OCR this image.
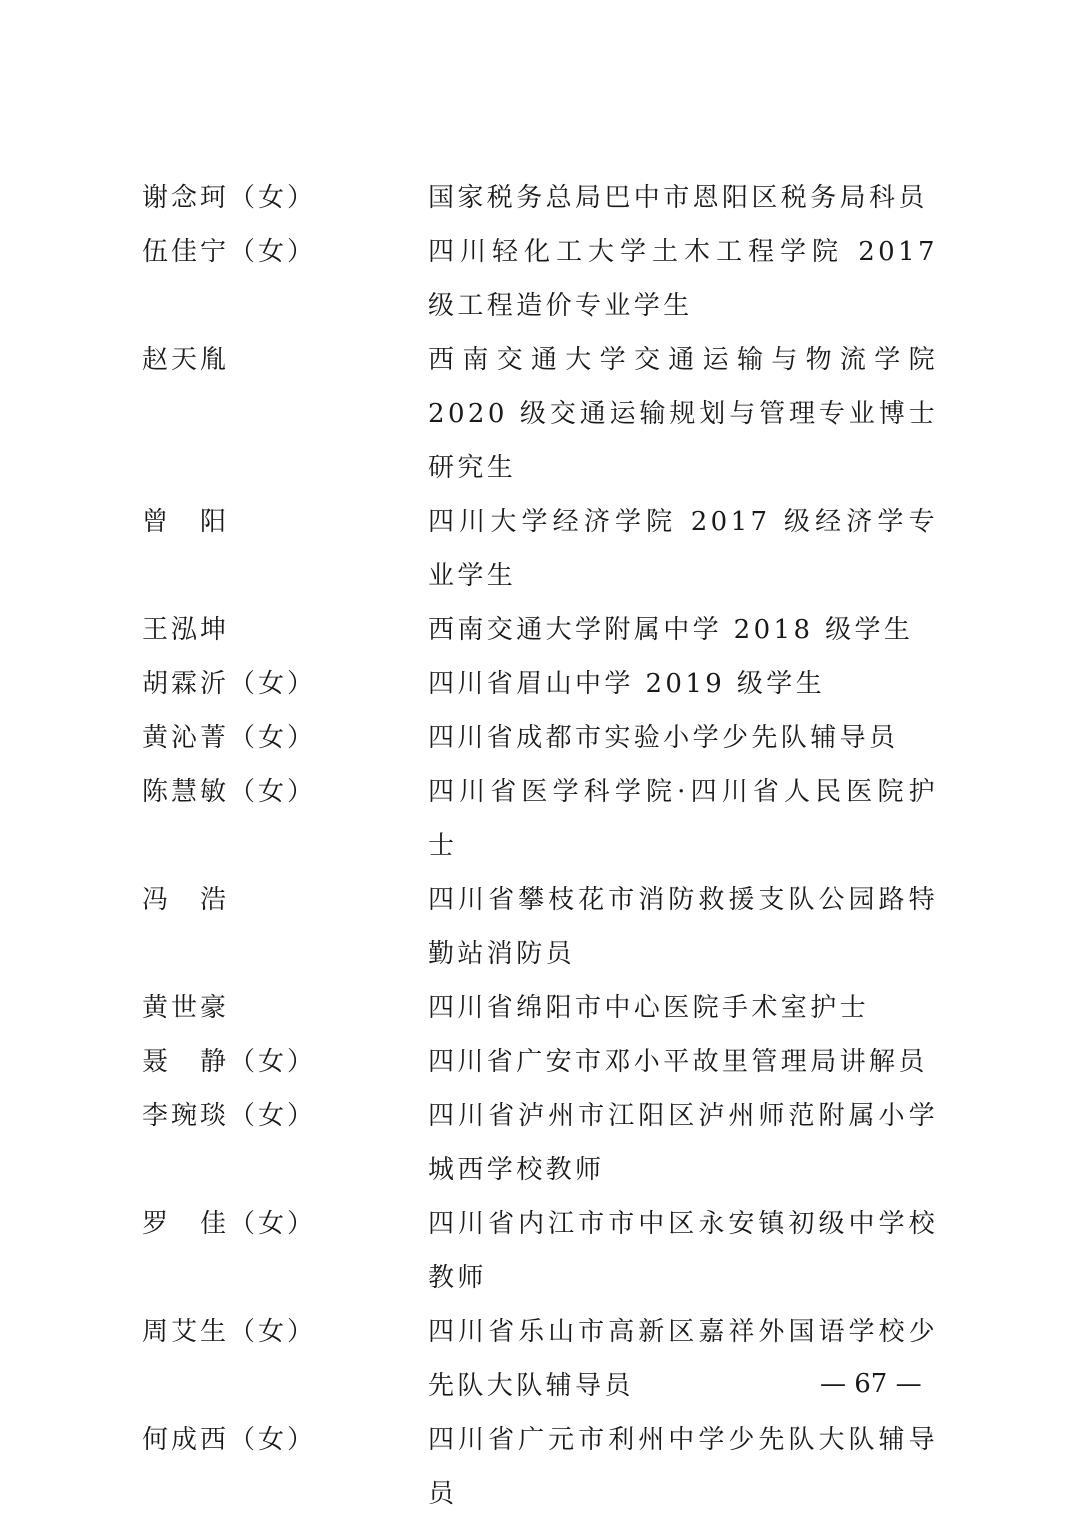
谢念珂（女）	国家税务总局巴中市恩阳区税务局科员
伍佳宁（女）	四川轻化工大学土木工程学院 2017 级工程造价专业学生
赵天胤	西南交通大学交通运输与物流学院 2020 级交通运输规划与管理专业博士研究生
曾　阳	四川大学经济学院 2017 级经济学专业学生
王泓坤	西南交通大学附属中学 2018 级学生
胡霖沂（女）	四川省眉山中学 2019 级学生
黄沁菁（女）	四川省成都市实验小学少先队辅导员
陈慧敏（女）	四川省医学科学院·四川省人民医院护士
冯　浩	四川省攀枝花市消防救援支队公园路特勤站消防员
黄世豪	四川省绵阳市中心医院手术室护士
聂　静（女）	四川省广安市邓小平故里管理局讲解员
李琬琰（女）	四川省泸州市江阳区泸州师范附属小学城西学校教师
罗　佳（女）	四川省内江市市中区永安镇初级中学校教师
周艾生（女）	四川省乐山市高新区嘉祥外国语学校少先队大队辅导员
何成西（女）	四川省广元市利州中学少先队大队辅导员
— 67 —
